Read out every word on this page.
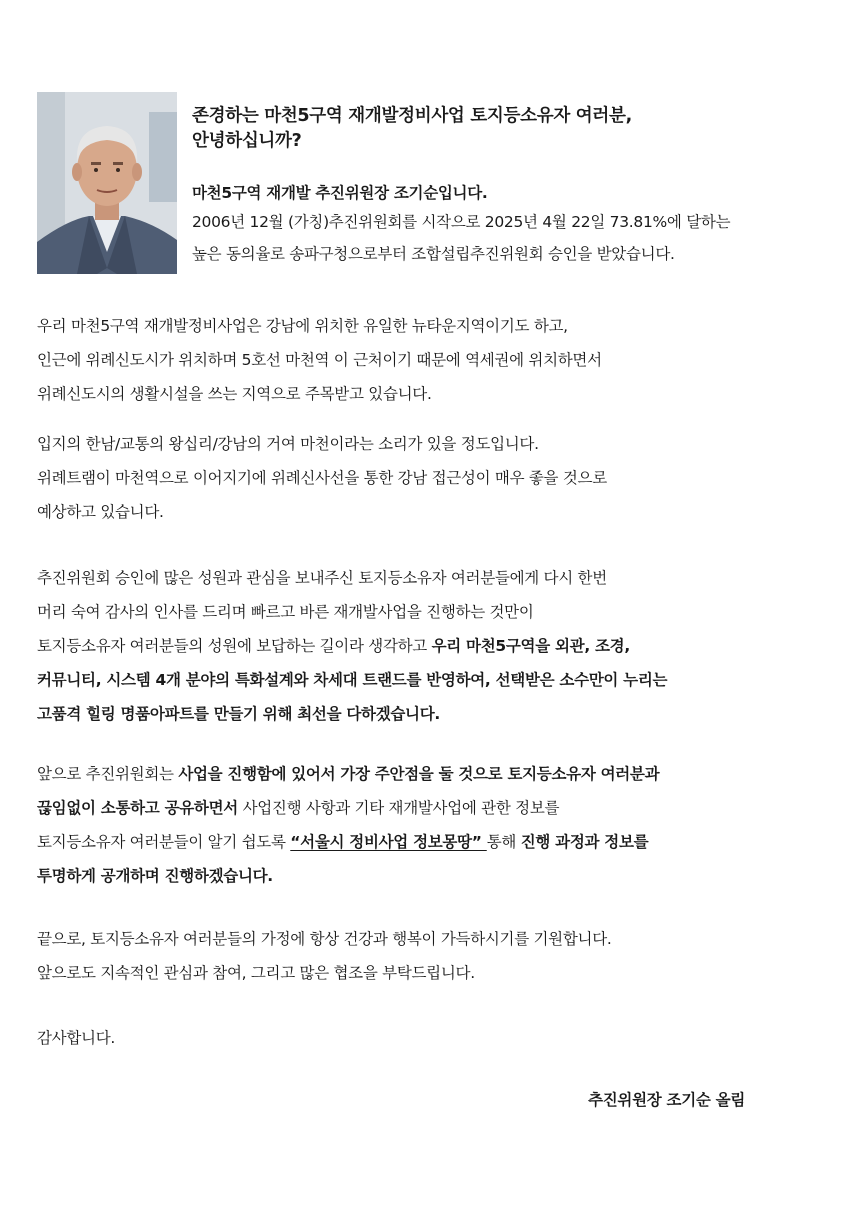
존경하는 마천5구역 재개발정비사업 토지등소유자 여러분,
안녕하십니까?
마천5구역 재개발 추진위원장 조기순입니다.
2006년 12월 (가칭)추진위원회를 시작으로 2025년 4월 22일 73.81%에 달하는
높은 동의율로 송파구청으로부터 조합설립추진위원회 승인을 받았습니다.
우리 마천5구역 재개발정비사업은 강남에 위치한 유일한 뉴타운지역이기도 하고,
인근에 위례신도시가 위치하며 5호선 마천역 이 근처이기 때문에 역세권에 위치하면서
위례신도시의 생활시설을 쓰는 지역으로 주목받고 있습니다.
입지의 한남/교통의 왕십리/강남의 거여 마천이라는 소리가 있을 정도입니다.
위례트램이 마천역으로 이어지기에 위례신사선을 통한 강남 접근성이 매우 좋을 것으로
예상하고 있습니다.
추진위원회 승인에 많은 성원과 관심을 보내주신 토지등소유자 여러분들에게 다시 한번
머리 숙여 감사의 인사를 드리며 빠르고 바른 재개발사업을 진행하는 것만이
토지등소유자 여러분들의 성원에 보답하는 길이라 생각하고 우리 마천5구역을 외관, 조경,
커뮤니티, 시스템 4개 분야의 특화설계와 차세대 트랜드를 반영하여, 선택받은 소수만이 누리는
고품격 힐링 명품아파트를 만들기 위해 최선을 다하겠습니다.
앞으로 추진위원회는 사업을 진행함에 있어서 가장 주안점을 둘 것으로 토지등소유자 여러분과
끊임없이 소통하고 공유하면서 사업진행 사항과 기타 재개발사업에 관한 정보를
토지등소유자 여러분들이 알기 쉽도록 “서울시 정비사업 정보몽땅” 통해 진행 과정과 정보를
투명하게 공개하며 진행하겠습니다.
끝으로, 토지등소유자 여러분들의 가정에 항상 건강과 행복이 가득하시기를 기원합니다.
앞으로도 지속적인 관심과 참여, 그리고 많은 협조을 부탁드립니다.
감사합니다.
추진위원장 조기순 올림
